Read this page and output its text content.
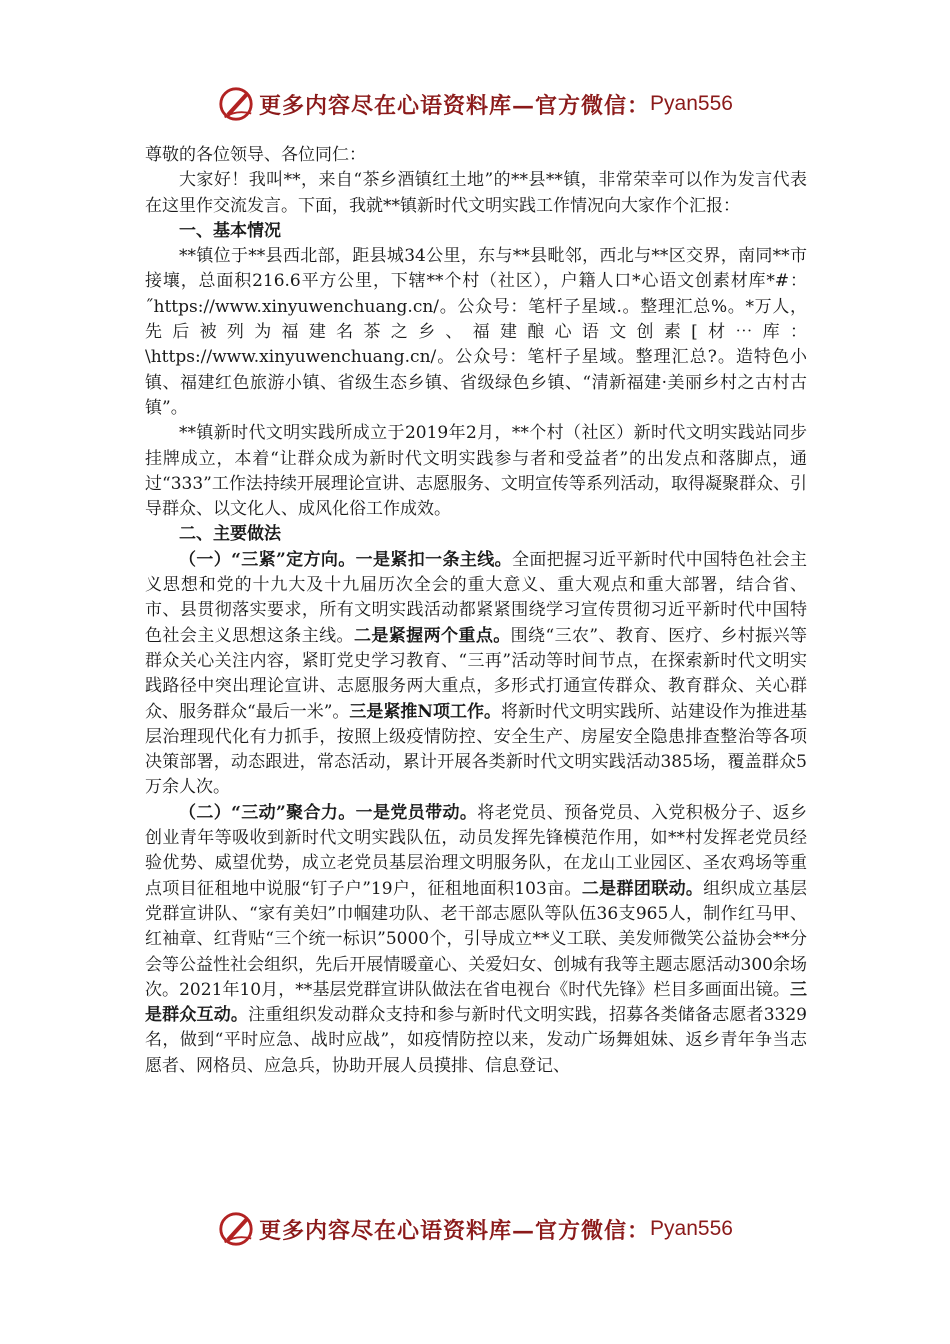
更多内容尽在心语资料库—官方微信： Pyan556

尊敬的各位领导、各位同仁：

大家好！我叫**，来自“茶乡酒镇红土地”的**县**镇，非常荣幸可以作为发言代表在这里作交流发言。下面，我就**镇新时代文明实践工作情况向大家作个汇报：

一、基本情况

**镇位于**县西北部，距县城34公里，东与**县毗邻，西北与**区交界，南同**市接壤，总面积216.6平方公里，下辖**个村（社区），户籍人口*心语文创素材库*#：˝https://www.xinyuwenchuang.cn/。公众号：笔杆子星域.。整理汇总%。*万人，先后被列为福建名茶之乡、福建酿心语文创素[材⋯库：\https://www.xinyuwenchuang.cn/。公众号：笔杆子星域。整理汇总?。造特色小镇、福建红色旅游小镇、省级生态乡镇、省级绿色乡镇、“清新福建·美丽乡村之古村古镇”。

**镇新时代文明实践所成立于2019年2月，**个村（社区）新时代文明实践站同步挂牌成立，本着“让群众成为新时代文明实践参与者和受益者”的出发点和落脚点，通过“333”工作法持续开展理论宣讲、志愿服务、文明宣传等系列活动，取得凝聚群众、引导群众、以文化人、成风化俗工作成效。

二、主要做法

（一）“三紧”定方向。一是紧扣一条主线。全面把握习近平新时代中国特色社会主义思想和党的十九大及十九届历次全会的重大意义、重大观点和重大部署，结合省、市、县贯彻落实要求，所有文明实践活动都紧紧围绕学习宣传贯彻习近平新时代中国特色社会主义思想这条主线。二是紧握两个重点。围绕“三农”、教育、医疗、乡村振兴等群众关心关注内容，紧盯党史学习教育、“三再”活动等时间节点，在探索新时代文明实践路径中突出理论宣讲、志愿服务两大重点，多形式打通宣传群众、教育群众、关心群众、服务群众“最后一米”。三是紧推N项工作。将新时代文明实践所、站建设作为推进基层治理现代化有力抓手，按照上级疫情防控、安全生产、房屋安全隐患排查整治等各项决策部署，动态跟进，常态活动，累计开展各类新时代文明实践活动385场，覆盖群众5万余人次。

（二）“三动”聚合力。一是党员带动。将老党员、预备党员、入党积极分子、返乡创业青年等吸收到新时代文明实践队伍，动员发挥先锋模范作用，如**村发挥老党员经验优势、威望优势，成立老党员基层治理文明服务队，在龙山工业园区、圣农鸡场等重点项目征租地中说服“钉子户”19户，征租地面积103亩。二是群团联动。组织成立基层党群宣讲队、“家有美妇”巾帼建功队、老干部志愿队等队伍36支965人，制作红马甲、红袖章、红背贴“三个统一标识”5000个，引导成立**义工联、美发师微笑公益协会**分会等公益性社会组织，先后开展情暖童心、关爱妇女、创城有我等主题志愿活动300余场次。2021年10月，**基层党群宣讲队做法在省电视台《时代先锋》栏目多画面出镜。三是群众互动。注重组织发动群众支持和参与新时代文明实践，招募各类储备志愿者3329名，做到“平时应急、战时应战”，如疫情防控以来，发动广场舞姐妹、返乡青年争当志愿者、网格员、应急兵，协助开展人员摸排、信息登记、

更多内容尽在心语资料库—官方微信： Pyan556
